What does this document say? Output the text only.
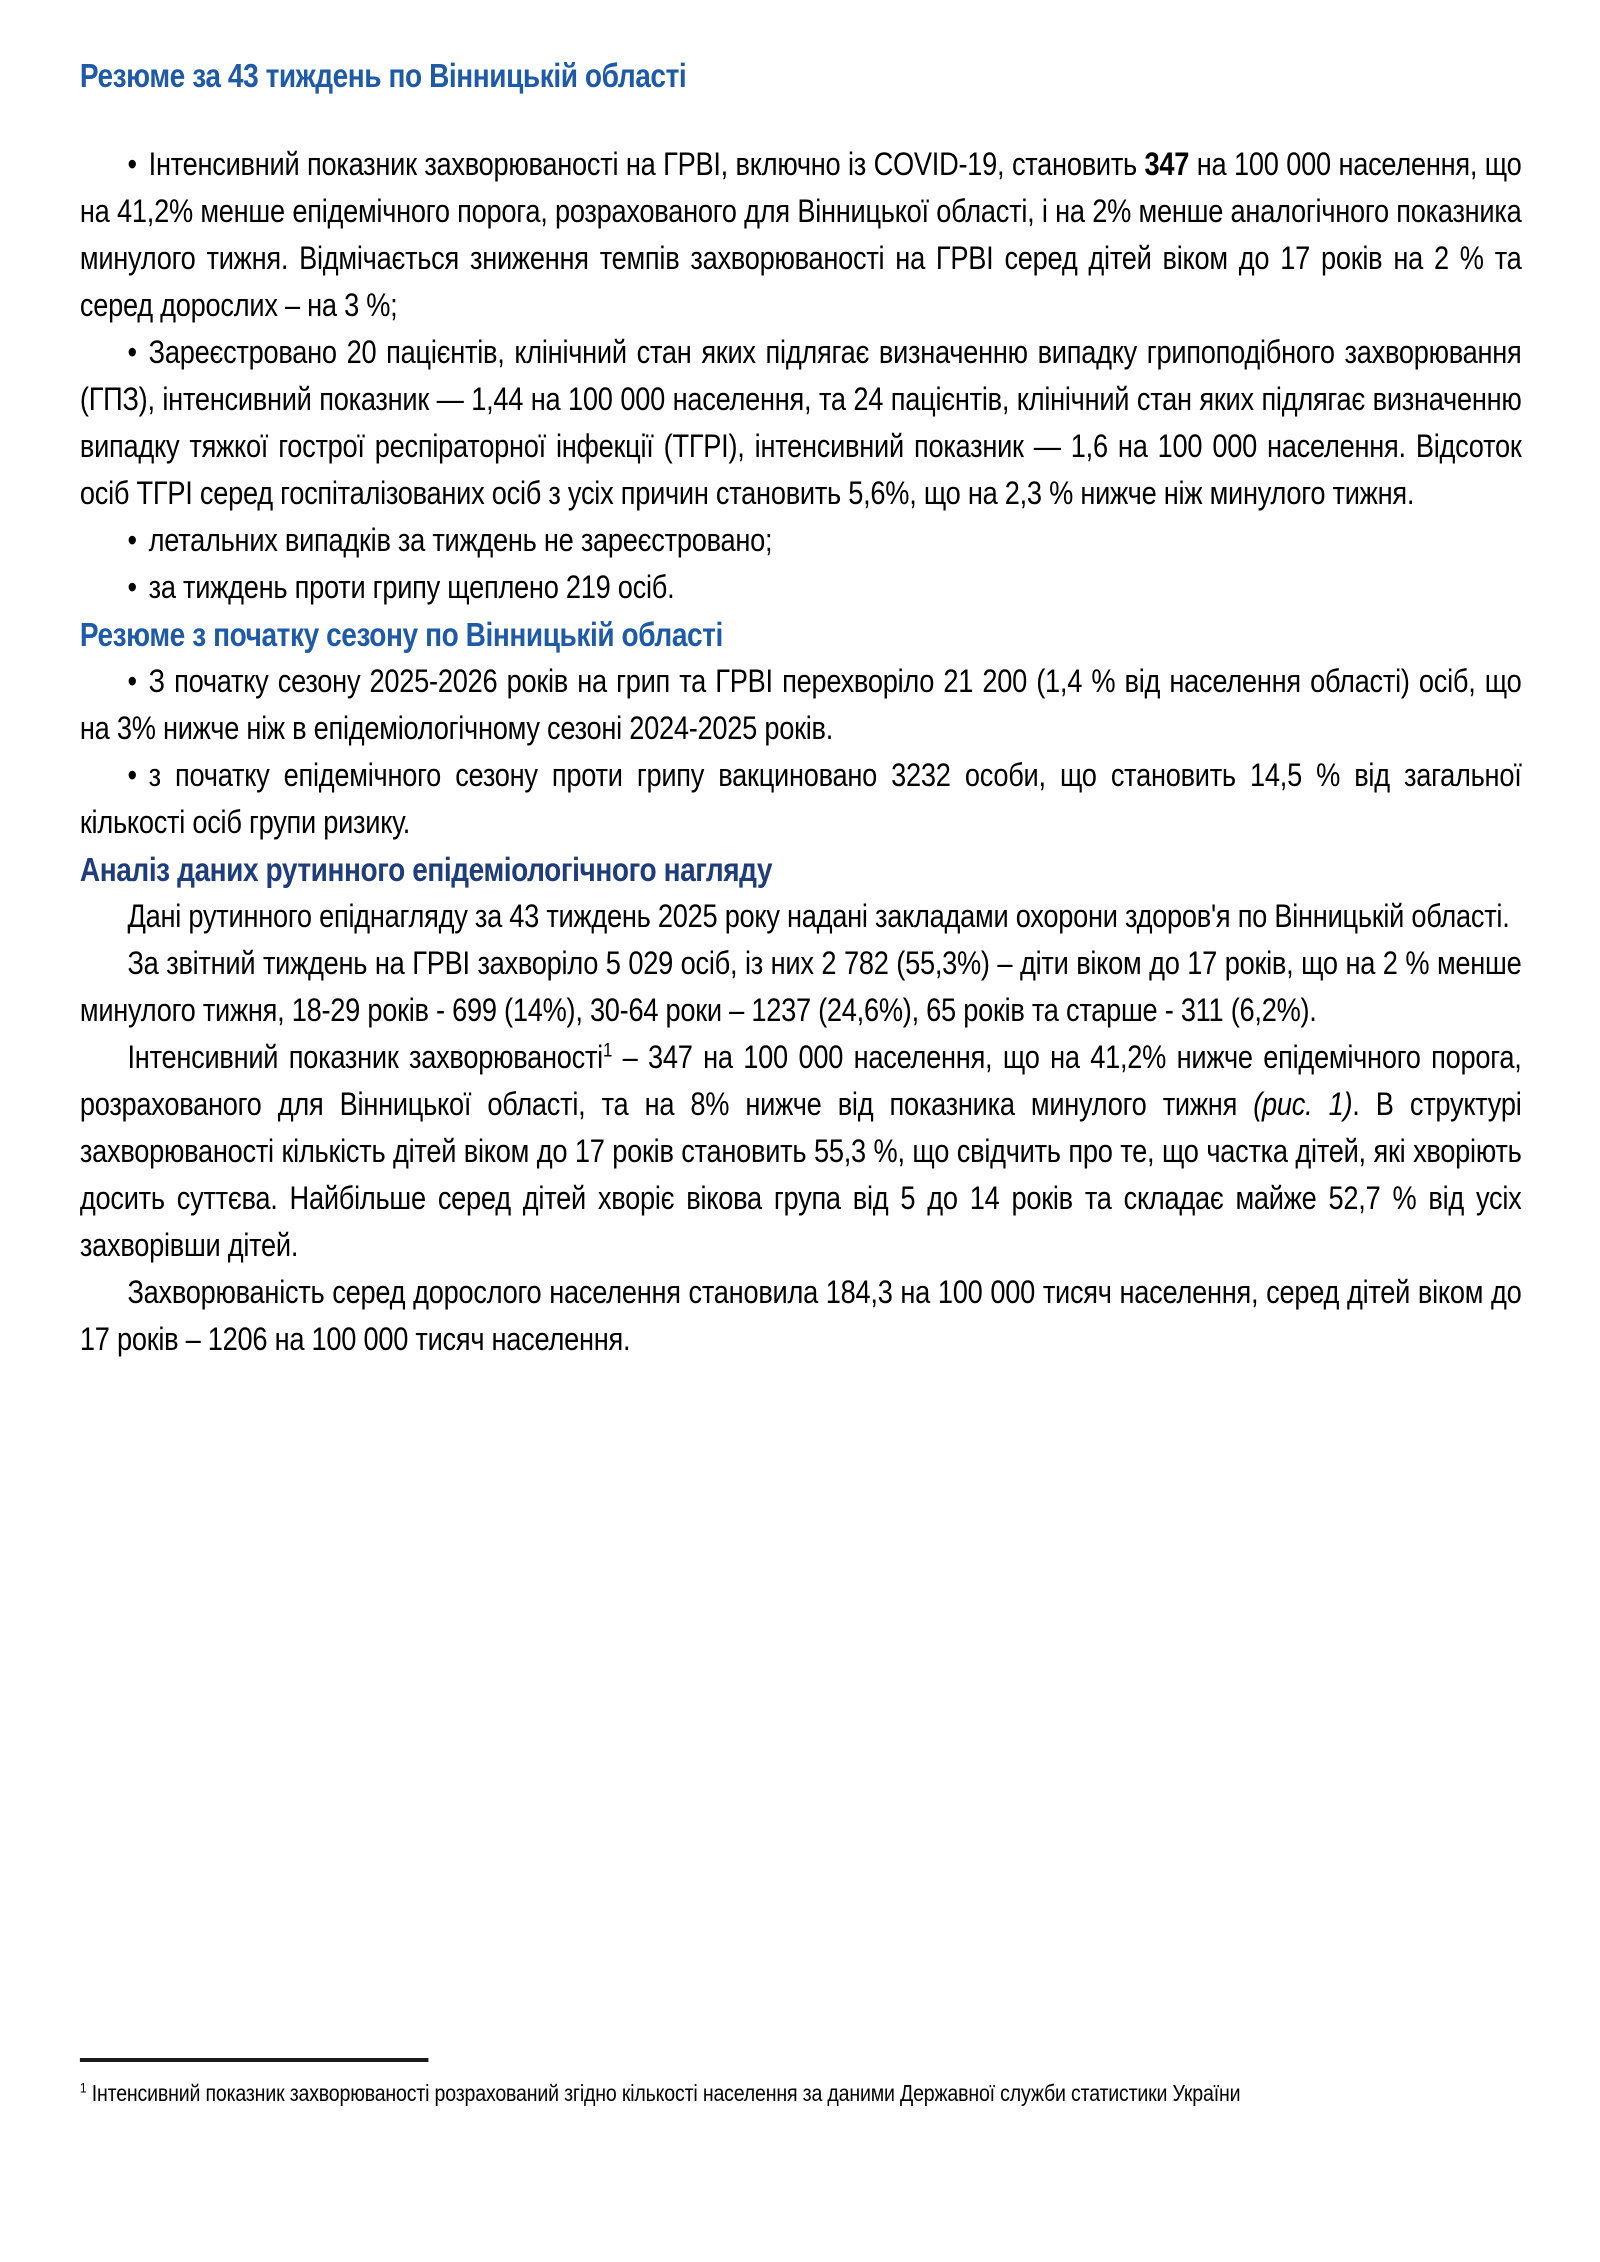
Резюме за 43 тиждень по Вінницькій області

• Інтенсивний показник захворюваності на ГРВІ, включно із COVID-19, становить 347 на 100 000 населення, що на 41,2% менше епідемічного порога, розрахованого для Вінницької області, і на 2% менше аналогічного показника минулого тижня. Відмічається зниження темпів захворюваності на ГРВІ серед дітей віком до 17 років на 2 % та серед дорослих – на 3 %;

• Зареєстровано 20 пацієнтів, клінічний стан яких підлягає визначенню випадку грипоподібного захворювання (ГПЗ), інтенсивний показник — 1,44 на 100 000 населення, та 24 пацієнтів, клінічний стан яких підлягає визначенню випадку тяжкої гострої респіраторної інфекції (ТГРІ), інтенсивний показник — 1,6 на 100 000 населення. Відсоток осіб ТГРІ серед госпіталізованих осіб з усіх причин становить 5,6%, що на 2,3 % нижче ніж минулого тижня.

• летальних випадків за тиждень не зареєстровано;

• за тиждень проти грипу щеплено 219 осіб.

Резюме з початку сезону по Вінницькій області

• З початку сезону 2025-2026 років на грип та ГРВІ перехворіло 21 200 (1,4 % від населення області) осіб, що на 3% нижче ніж в епідеміологічному сезоні 2024-2025 років.

• з початку епідемічного сезону проти грипу вакциновано 3232 особи, що становить 14,5 % від загальної кількості осіб групи ризику.

Аналіз даних рутинного епідеміологічного нагляду

Дані рутинного епіднагляду за 43 тиждень 2025 року надані закладами охорони здоров'я по Вінницькій області.

За звітний тиждень на ГРВІ захворіло 5 029 осіб, із них 2 782 (55,3%) – діти віком до 17 років, що на 2 % менше минулого тижня, 18-29 років - 699 (14%), 30-64 роки – 1237 (24,6%), 65 років та старше - 311 (6,2%).

Інтенсивний показник захворюваності$^1$ – 347 на 100 000 населення, що на 41,2% нижче епідемічного порога, розрахованого для Вінницької області, та на 8% нижче від показника минулого тижня (рис. 1). В структурі захворюваності кількість дітей віком до 17 років становить 55,3 %, що свідчить про те, що частка дітей, які хворіють досить суттєва. Найбільше серед дітей хворіє вікова група від 5 до 14 років та складає майже 52,7 % від усіх захворівши дітей.

Захворюваність серед дорослого населення становила 184,3 на 100 000 тисяч населення, серед дітей віком до 17 років – 1206 на 100 000 тисяч населення.

$^1$ Інтенсивний показник захворюваності розрахований згідно кількості населення за даними Державної служби статистики України
